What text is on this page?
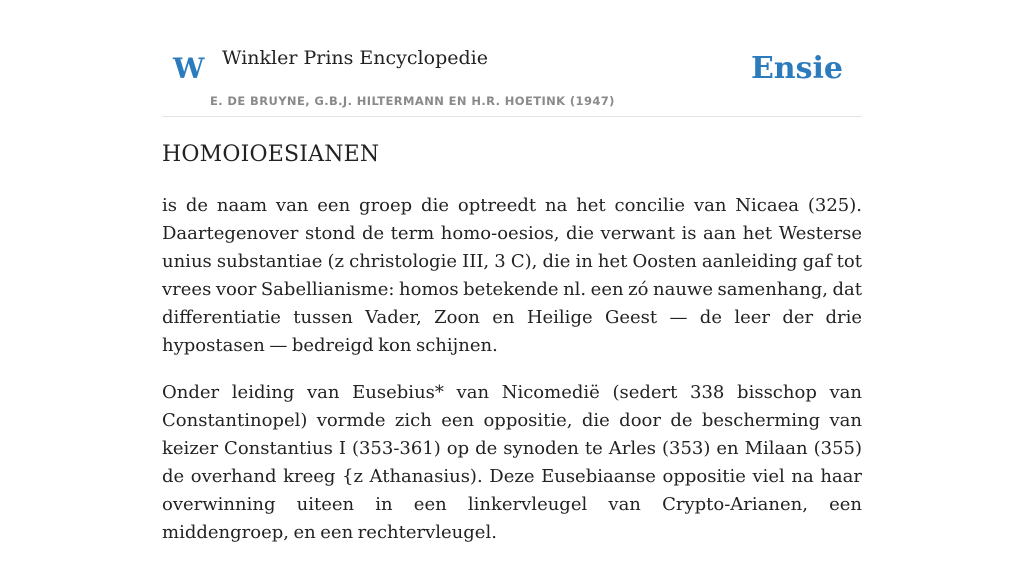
W Winkler Prins Encyclopedie
E. DE BRUYNE, G.B.J. HILTERMANN EN H.R. HOETINK (1947)
Ensie
HOMOIOESIANEN

is de naam van een groep die optreedt na het concilie van Nicaea (325). Daartegenover stond de term homo-oesios, die verwant is aan het Westerse unius substantiae (z christologie III, 3 C), die in het Oosten aanleiding gaf tot vrees voor Sabellianisme: homos betekende nl. een zó nauwe samenhang, dat differentiatie tussen Vader, Zoon en Heilige Geest — de leer der drie hypostasen — bedreigd kon schijnen.

Onder leiding van Eusebius* van Nicomedië (sedert 338 bisschop van Constantinopel) vormde zich een oppositie, die door de bescherming van keizer Constantius I (353-361) op de synoden te Arles (353) en Milaan (355) de overhand kreeg {z Athanasius). Deze Eusebiaanse oppositie viel na haar overwinning uiteen in een linkervleugel van Crypto-Arianen, een middengroep, en een rechtervleugel.
